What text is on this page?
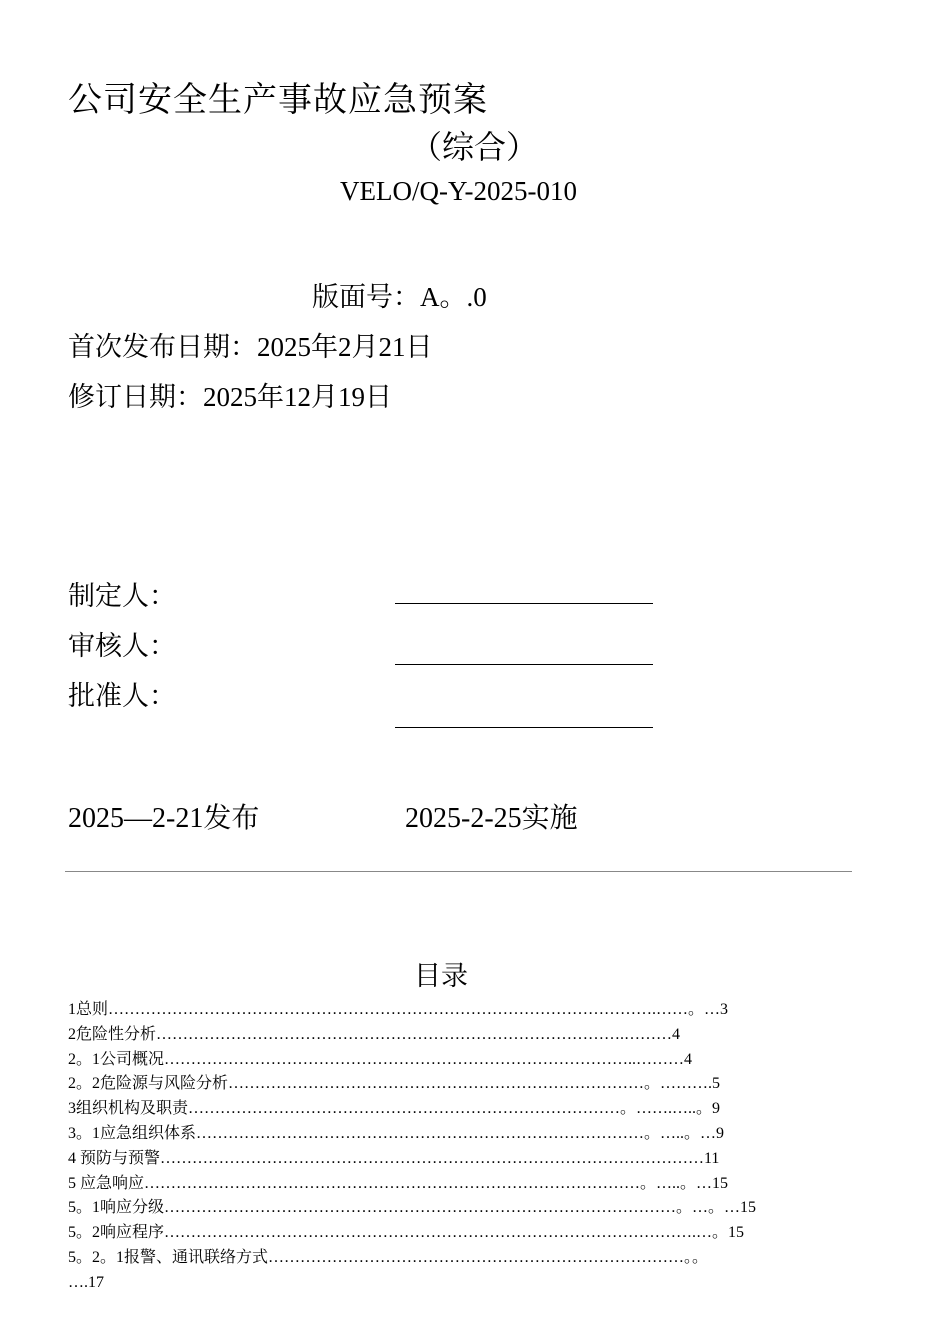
公司安全生产事故应急预案
（综合）
VELO/Q-Y-2025-010
版面号：A。.0
首次发布日期：2025年2月21日
修订日期：2025年12月19日
制定人：
审核人：
批准人：
2025—2-21发布	2025-2-25实施
目录
1总则………………………………………………………………………………………….……。…3
2危险性分析…………………………………………………………………………….………4
2。1公司概况……………………………………………………………………………..………4
2。2危险源与风险分析……………………………………………………………………。……….5
3组织机构及职责………………………………………………………………………。…….…..。9
3。1应急组织体系…………………………………………………………………………。…..。…9
4 预防与预警…………………………………………………………………………………………11
5 应急响应…………………………………………………………………………………。…..。…15
5。1响应分级……………………………………………………………………………………。…。…15
5。2响应程序……………………………………………………………………………………….…。15
5。2。1报警、通讯联络方式……………………………………………………………………。。
….17
